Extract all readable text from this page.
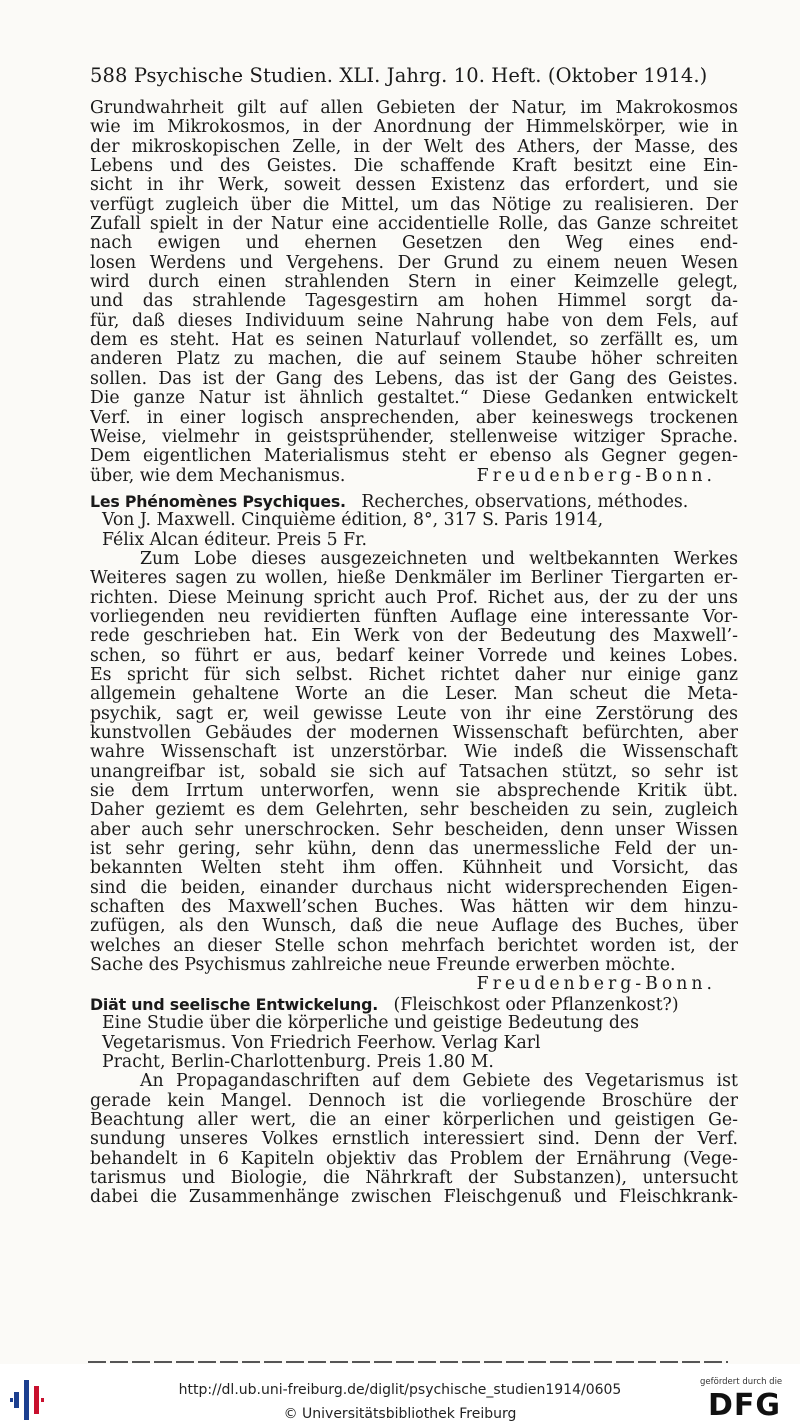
588 Psychische Studien. XLI. Jahrg. 10. Heft. (Oktober 1914.)
Grundwahrheit gilt auf allen Gebieten der Natur, im Makrokosmos
wie im Mikrokosmos, in der Anordnung der Himmelskörper, wie in
der mikroskopischen Zelle, in der Welt des Äthers, der Masse, des
Lebens und des Geistes. Die schaffende Kraft besitzt eine Ein-
sicht in ihr Werk, soweit dessen Existenz das erfordert, und sie
verfügt zugleich über die Mittel, um das Nötige zu realisieren. Der
Zufall spielt in der Natur eine accidentielle Rolle, das Ganze schreitet
nach ewigen und ehernen Gesetzen den Weg eines end-
losen Werdens und Vergehens. Der Grund zu einem neuen Wesen
wird durch einen strahlenden Stern in einer Keimzelle gelegt,
und das strahlende Tagesgestirn am hohen Himmel sorgt da-
für, daß dieses Individuum seine Nahrung habe von dem Fels, auf
dem es steht. Hat es seinen Naturlauf vollendet, so zerfällt es, um
anderen Platz zu machen, die auf seinem Staube höher schreiten
sollen. Das ist der Gang des Lebens, das ist der Gang des Geistes.
Die ganze Natur ist ähnlich gestaltet.“ Diese Gedanken entwickelt
Verf. in einer logisch ansprechenden, aber keineswegs trockenen
Weise, vielmehr in geistsprühender, stellenweise witziger Sprache.
Dem eigentlichen Materialismus steht er ebenso als Gegner gegen-
über, wie dem Mechanismus.	Freudenberg-Bonn.
Les Phénomènes Psychiques. Recherches, observations, méthodes.
Von J. Maxwell. Cinquième édition, 8°, 317 S. Paris 1914,
Félix Alcan éditeur. Preis 5 Fr.
Zum Lobe dieses ausgezeichneten und weltbekannten Werkes
Weiteres sagen zu wollen, hieße Denkmäler im Berliner Tiergarten er-
richten. Diese Meinung spricht auch Prof. Richet aus, der zu der uns
vorliegenden neu revidierten fünften Auflage eine interessante Vor-
rede geschrieben hat. Ein Werk von der Bedeutung des Maxwell’-
schen, so führt er aus, bedarf keiner Vorrede und keines Lobes.
Es spricht für sich selbst. Richet richtet daher nur einige ganz
allgemein gehaltene Worte an die Leser. Man scheut die Meta-
psychik, sagt er, weil gewisse Leute von ihr eine Zerstörung des
kunstvollen Gebäudes der modernen Wissenschaft befürchten, aber
wahre Wissenschaft ist unzerstörbar. Wie indeß die Wissenschaft
unangreifbar ist, sobald sie sich auf Tatsachen stützt, so sehr ist
sie dem Irrtum unterworfen, wenn sie absprechende Kritik übt.
Daher geziemt es dem Gelehrten, sehr bescheiden zu sein, zugleich
aber auch sehr unerschrocken. Sehr bescheiden, denn unser Wissen
ist sehr gering, sehr kühn, denn das unermessliche Feld der un-
bekannten Welten steht ihm offen. Kühnheit und Vorsicht, das
sind die beiden, einander durchaus nicht widersprechenden Eigen-
schaften des Maxwell’schen Buches. Was hätten wir dem hinzu-
zufügen, als den Wunsch, daß die neue Auflage des Buches, über
welches an dieser Stelle schon mehrfach berichtet worden ist, der
Sache des Psychismus zahlreiche neue Freunde erwerben möchte.
Freudenberg-Bonn.
Diät und seelische Entwickelung. (Fleischkost oder Pflanzenkost?)
Eine Studie über die körperliche und geistige Bedeutung des
Vegetarismus. Von Friedrich Feerhow. Verlag Karl
Pracht, Berlin-Charlottenburg. Preis 1.80 M.
An Propagandaschriften auf dem Gebiete des Vegetarismus ist
gerade kein Mangel. Dennoch ist die vorliegende Broschüre der
Beachtung aller wert, die an einer körperlichen und geistigen Ge-
sundung unseres Volkes ernstlich interessiert sind. Denn der Verf.
behandelt in 6 Kapiteln objektiv das Problem der Ernährung (Vege-
tarismus und Biologie, die Nährkraft der Substanzen), untersucht
dabei die Zusammenhänge zwischen Fleischgenuß und Fleischkrank-
http://dl.ub.uni-freiburg.de/diglit/psychische_studien1914/0605
© Universitätsbibliothek Freiburg
gefördert durch die
DFG
